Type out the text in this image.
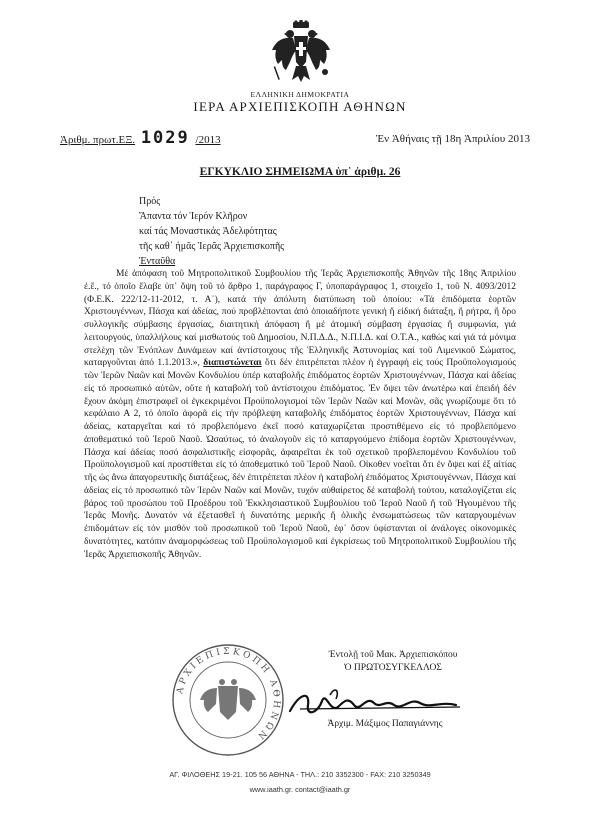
ΕΛΛΗΝΙΚΗ ΔΗΜΟΚΡΑΤΙΑ
ΙΕΡΑ ΑΡΧΙΕΠΙΣΚΟΠΗ ΑΘΗΝΩΝ
Ἀριθμ. πρωτ.ΕΞ. 1029 /2013	Ἐν Ἀθήναις τῇ 18η Ἀπριλίου 2013
ΕΓΚΥΚΛΙΟ ΣΗΜΕΙΩΜΑ ὑπ᾽ ἀριθμ. 26
Πρός
Ἅπαντα τόν Ἱερόν Κλῆρον
καί τάς Μοναστικάς Ἀδελφότητας
τῆς καθ᾽ ἡμᾶς Ἱερᾶς Ἀρχιεπισκοπῆς
Ἐνταῦθα

Μέ ἀπόφαση τοῦ Μητροπολιτικοῦ Συμβουλίου τῆς Ἱερᾶς Ἀρχιεπισκοπῆς Ἀθηνῶν τῆς 18ης Ἀπριλίου ἐ.ἔ., τό ὁποῖο ἔλαβε ὑπ᾽ ὄψη τοῦ τό ἄρθρο 1, παράγραφος Γ, ὑποπαράγραφος 1, στοιχεῖο 1, τοῦ Ν. 4093/2012 (Φ.Ε.Κ. 222/12-11-2012, τ. Α᾽), κατά τήν ἀπόλυτη διατύπωση τοῦ ὁποίου: «Τά ἐπιδόματα ἑορτῶν Χριστουγέννων, Πάσχα καί ἀδείας, πού προβλέπονται ἀπό ὁποιαδήποτε γενική ἤ εἰδική διάταξη, ἤ ρήτρα, ἤ ὅρο συλλογικῆς σύμβασης ἐργασίας, διαιτητική ἀπόφαση ἤ μέ ἀτομική σύμβαση ἐργασίας ἤ συμφωνία, γιά λειτουργούς, ὑπαλλήλους καί μισθωτούς τοῦ Δημοσίου, Ν.Π.Δ.Δ., Ν.Π.Ι.Δ. καί Ο.Τ.Α., καθώς καί γιά τά μόνιμα στελέχη τῶν Ἐνόπλων Δυνάμεων καί ἀντίστοιχους τῆς Ἑλληνικῆς Ἀστυνομίας καί τοῦ Λιμενικοῦ Σώματος, καταργοῦνται ἀπό 1.1.2013.», διαπιστώνεται ὅτι δέν ἐπιτρέπεται πλέον ἡ ἐγγραφή εἰς τούς Προϋπολογισμούς τῶν Ἱερῶν Ναῶν καί Μονῶν Κονδυλίου ὑπέρ καταβολῆς ἐπιδόματος ἑορτῶν Χριστουγέννων, Πάσχα καί ἀδείας εἰς τό προσωπικό αὐτῶν, οὔτε ἡ καταβολή τοῦ ἀντίστοιχου ἐπιδόματος. Ἐν ὄψει τῶν ἀνωτέρω καί ἐπειδή δέν ἔχουν ἀκόμη ἐπιστραφεῖ οἱ ἐγκεκριμένοι Προϋπολογισμοί τῶν Ἱερῶν Ναῶν καί Μονῶν, σᾶς γνωρίζουμε ὅτι τό κεφάλαιο Α 2, τό ὁποῖο ἀφορᾶ εἰς τήν πρόβλεψη καταβολῆς ἐπιδόματος ἑορτῶν Χριστουγέννων, Πάσχα καί ἀδείας, καταργεῖται καί τό προβλεπόμενο ἐκεῖ ποσό καταχωρίζεται προστιθέμενο εἰς τό προβλεπόμενο ἀποθεματικό τοῦ Ἱεροῦ Ναοῦ. Ὡσαύτως, τό ἀναλογοῦν εἰς τό καταργούμενο ἐπίδομα ἑορτῶν Χριστουγέννων, Πάσχα καί ἀδείας ποσό ἀσφαλιστικῆς εἰσφορᾶς, ἀφαιρεῖται ἐκ τοῦ σχετικοῦ προβλεπομένου Κονδυλίου τοῦ Προϋπολογισμοῦ καί προστίθεται εἰς τό ἀποθεματικό τοῦ Ἱεροῦ Ναοῦ. Οἰκοθεν νοεῖται ὅτι ἐν ὄψει καί ἐξ αἰτίας τῆς ὡς ἄνω ἀπαγορευτικῆς διατάξεως, δέν ἐπιτρέπεται πλέον ἡ καταβολή ἐπιδόματος Χριστουγέννων, Πάσχα καί ἀδείας εἰς τό προσωπικό τῶν Ἱερῶν Ναῶν καί Μονῶν, τυχόν αὐθαίρετος δέ καταβολή τούτου, καταλογίζεται εἰς βάρος τοῦ προσώπου τοῦ Προέδρου τοῦ Ἐκκλησιαστικοῦ Συμβουλίου τοῦ Ἱεροῦ Ναοῦ ἤ τοῦ Ἡγουμένου τῆς Ἱερᾶς Μονῆς. Δυνατόν νά ἐξετασθεῖ ἡ δυνατότης μερικῆς ἤ ὁλικῆς ἐνσωματώσεως τῶν καταργουμένων ἐπιδομάτων εἰς τόν μισθόν τοῦ προσωπικοῦ τοῦ Ἱεροῦ Ναοῦ, ἐφ᾽ ὅσον ὑφίστανται οἱ ἀνάλογες οἰκονομικές δυνατότητες, κατόπιν ἀναμορφώσεως τοῦ Προϋπολογισμοῦ καί ἐγκρίσεως τοῦ Μητροπολιτικοῦ Συμβουλίου τῆς Ἱερᾶς Ἀρχιεπισκοπῆς Ἀθηνῶν.

ΑΡΧΙΕΠΙΣΚΟΠΗ ΑΘΗΝΩΝ
Ἐντολῇ τοῦ Μακ. Ἀρχιεπισκόπου
Ὁ ΠΡΩΤΟΣΥΓΚΕΛΛΟΣ
Ἀρχιμ. Μάξιμος Παπαγιάννης
ΑΓ. ΦΙΛΟΘΕΗΣ 19-21. 105 56 ΑΘΗΝΑ - ΤΗΛ.: 210 3352300 - FAX: 210 3250349
www.iaath.gr. contact@iaath.gr
